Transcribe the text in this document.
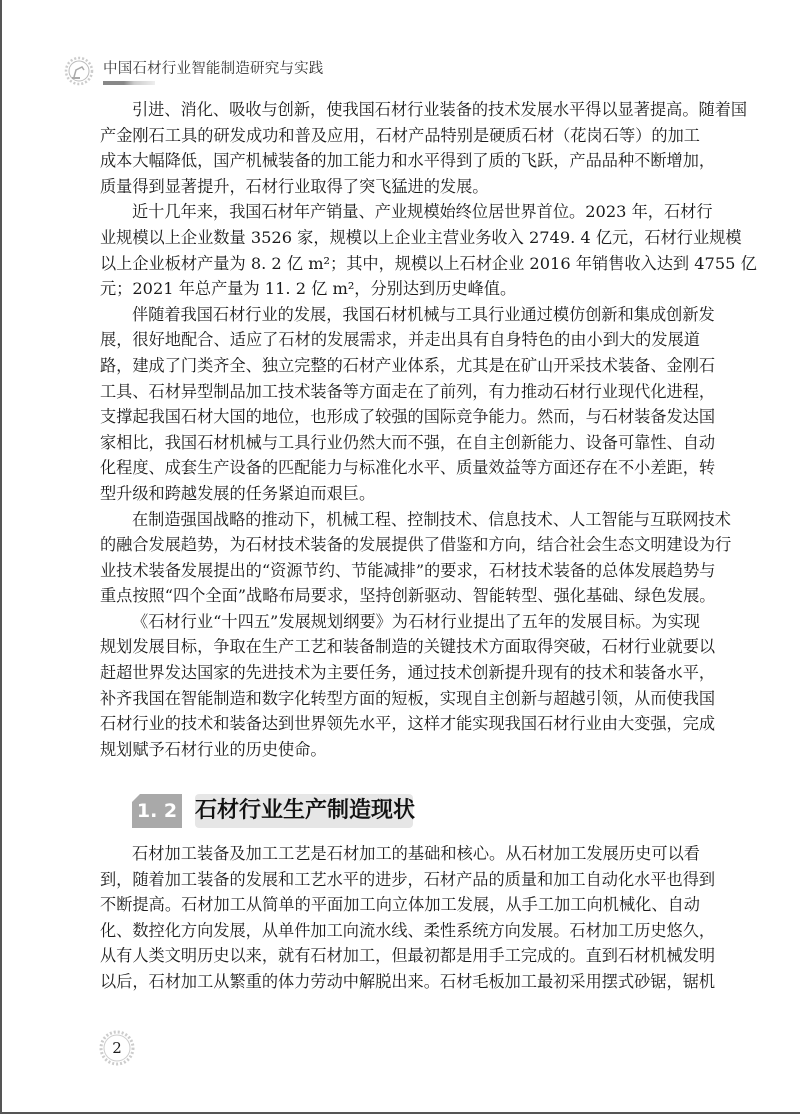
中国石材行业智能制造研究与实践
引进、消化、吸收与创新，使我国石材行业装备的技术发展水平得以显著提高。随着国
产金刚石工具的研发成功和普及应用，石材产品特别是硬质石材（花岗石等）的加工
成本大幅降低，国产机械装备的加工能力和水平得到了质的飞跃，产品品种不断增加，
质量得到显著提升，石材行业取得了突飞猛进的发展。
近十几年来，我国石材年产销量、产业规模始终位居世界首位。2023 年，石材行
业规模以上企业数量 3526 家，规模以上企业主营业务收入 2749. 4 亿元，石材行业规模
以上企业板材产量为 8. 2 亿 m²；其中，规模以上石材企业 2016 年销售收入达到 4755 亿
元；2021 年总产量为 11. 2 亿 m²，分别达到历史峰值。
伴随着我国石材行业的发展，我国石材机械与工具行业通过模仿创新和集成创新发
展，很好地配合、适应了石材的发展需求，并走出具有自身特色的由小到大的发展道
路，建成了门类齐全、独立完整的石材产业体系，尤其是在矿山开采技术装备、金刚石
工具、石材异型制品加工技术装备等方面走在了前列，有力推动石材行业现代化进程，
支撑起我国石材大国的地位，也形成了较强的国际竞争能力。然而，与石材装备发达国
家相比，我国石材机械与工具行业仍然大而不强，在自主创新能力、设备可靠性、自动
化程度、成套生产设备的匹配能力与标准化水平、质量效益等方面还存在不小差距，转
型升级和跨越发展的任务紧迫而艰巨。
在制造强国战略的推动下，机械工程、控制技术、信息技术、人工智能与互联网技术
的融合发展趋势，为石材技术装备的发展提供了借鉴和方向，结合社会生态文明建设为行
业技术装备发展提出的“资源节约、节能减排”的要求，石材技术装备的总体发展趋势与
重点按照“四个全面”战略布局要求，坚持创新驱动、智能转型、强化基础、绿色发展。
《石材行业“十四五”发展规划纲要》为石材行业提出了五年的发展目标。为实现
规划发展目标，争取在生产工艺和装备制造的关键技术方面取得突破，石材行业就要以
赶超世界发达国家的先进技术为主要任务，通过技术创新提升现有的技术和装备水平，
补齐我国在智能制造和数字化转型方面的短板，实现自主创新与超越引领，从而使我国
石材行业的技术和装备达到世界领先水平，这样才能实现我国石材行业由大变强，完成
规划赋予石材行业的历史使命。
1. 2 石材行业生产制造现状
石材加工装备及加工工艺是石材加工的基础和核心。从石材加工发展历史可以看
到，随着加工装备的发展和工艺水平的进步，石材产品的质量和加工自动化水平也得到
不断提高。石材加工从简单的平面加工向立体加工发展，从手工加工向机械化、自动
化、数控化方向发展，从单件加工向流水线、柔性系统方向发展。石材加工历史悠久，
从有人类文明历史以来，就有石材加工，但最初都是用手工完成的。直到石材机械发明
以后，石材加工从繁重的体力劳动中解脱出来。石材毛板加工最初采用摆式砂锯，锯机
2
